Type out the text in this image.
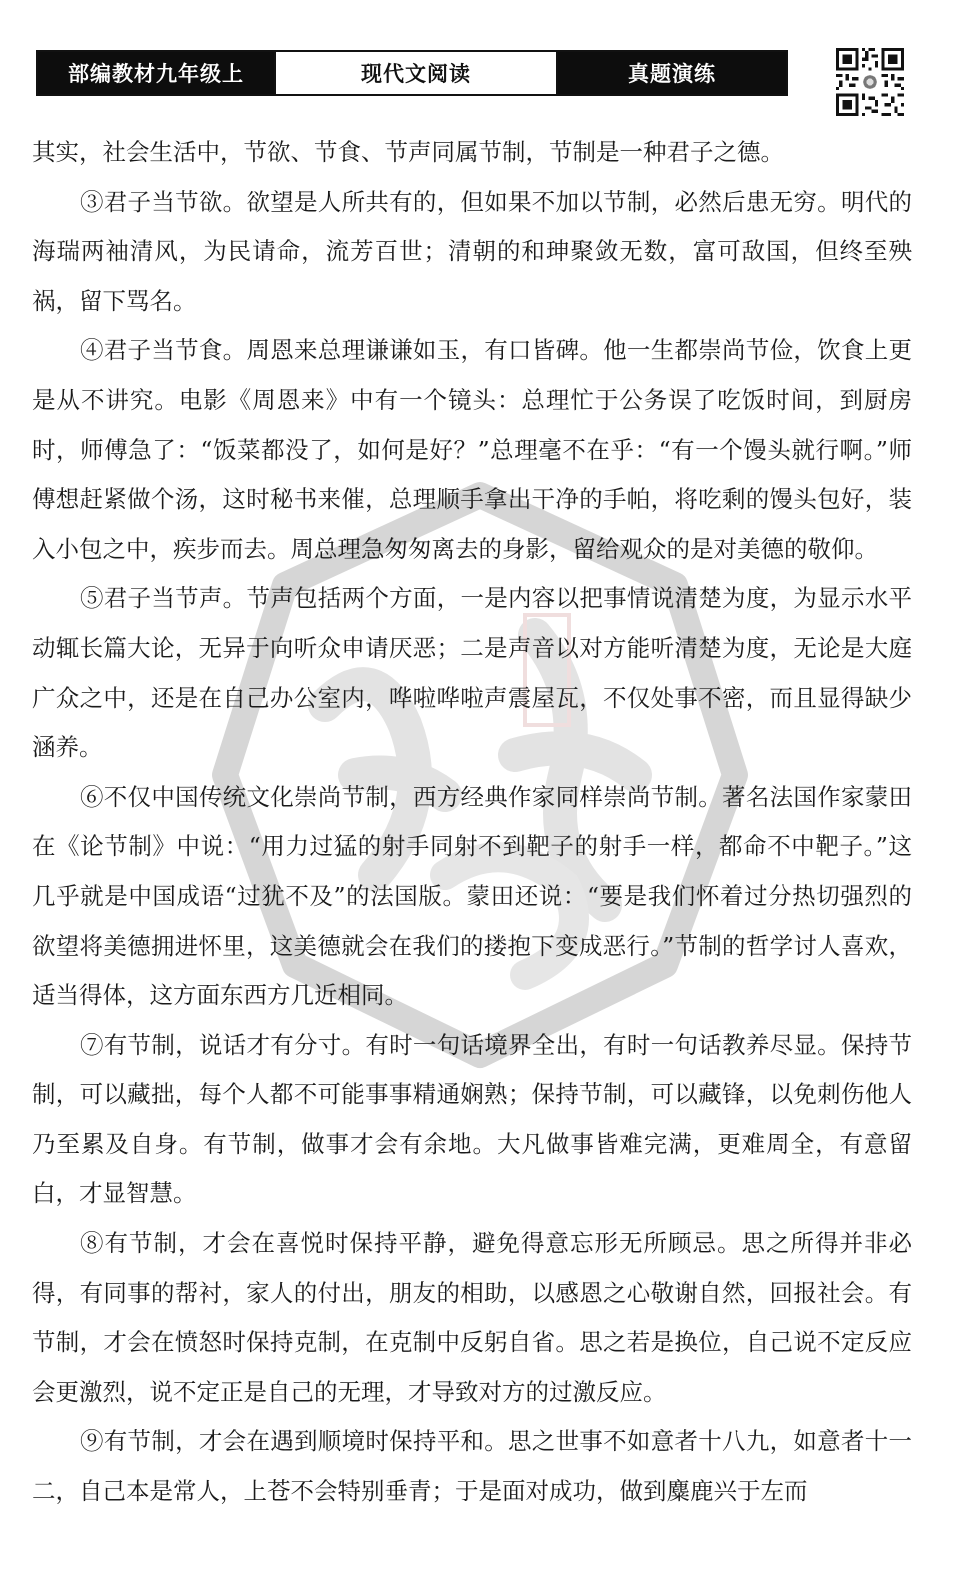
部编教材九年级上	现代文阅读	真题演练

其实，社会生活中，节欲、节食、节声同属节制，节制是一种君子之德。

③君子当节欲。欲望是人所共有的，但如果不加以节制，必然后患无穷。明代的海瑞两袖清风，为民请命，流芳百世；清朝的和珅聚敛无数，富可敌国，但终至殃祸，留下骂名。

④君子当节食。周恩来总理谦谦如玉，有口皆碑。他一生都崇尚节俭，饮食上更是从不讲究。电影《周恩来》中有一个镜头：总理忙于公务误了吃饭时间，到厨房时，师傅急了：“饭菜都没了，如何是好？”总理毫不在乎：“有一个馒头就行啊。”师傅想赶紧做个汤，这时秘书来催，总理顺手拿出干净的手帕，将吃剩的馒头包好，装入小包之中，疾步而去。周总理急匆匆离去的身影，留给观众的是对美德的敬仰。

⑤君子当节声。节声包括两个方面，一是内容以把事情说清楚为度，为显示水平动辄长篇大论，无异于向听众申请厌恶；二是声音以对方能听清楚为度，无论是大庭广众之中，还是在自己办公室内，哗啦哗啦声震屋瓦，不仅处事不密，而且显得缺少涵养。

⑥不仅中国传统文化崇尚节制，西方经典作家同样崇尚节制。著名法国作家蒙田在《论节制》中说：“用力过猛的射手同射不到靶子的射手一样，都命不中靶子。”这几乎就是中国成语“过犹不及”的法国版。蒙田还说：“要是我们怀着过分热切强烈的欲望将美德拥进怀里，这美德就会在我们的搂抱下变成恶行。”节制的哲学讨人喜欢，适当得体，这方面东西方几近相同。

⑦有节制，说话才有分寸。有时一句话境界全出，有时一句话教养尽显。保持节制，可以藏拙，每个人都不可能事事精通娴熟；保持节制，可以藏锋，以免刺伤他人乃至累及自身。有节制，做事才会有余地。大凡做事皆难完满，更难周全，有意留白，才显智慧。

⑧有节制，才会在喜悦时保持平静，避免得意忘形无所顾忌。思之所得并非必得，有同事的帮衬，家人的付出，朋友的相助，以感恩之心敬谢自然，回报社会。有节制，才会在愤怒时保持克制，在克制中反躬自省。思之若是换位，自己说不定反应会更激烈，说不定正是自己的无理，才导致对方的过激反应。

⑨有节制，才会在遇到顺境时保持平和。思之世事不如意者十八九，如意者十一二，自己本是常人，上苍不会特别垂青；于是面对成功，做到麋鹿兴于左而
